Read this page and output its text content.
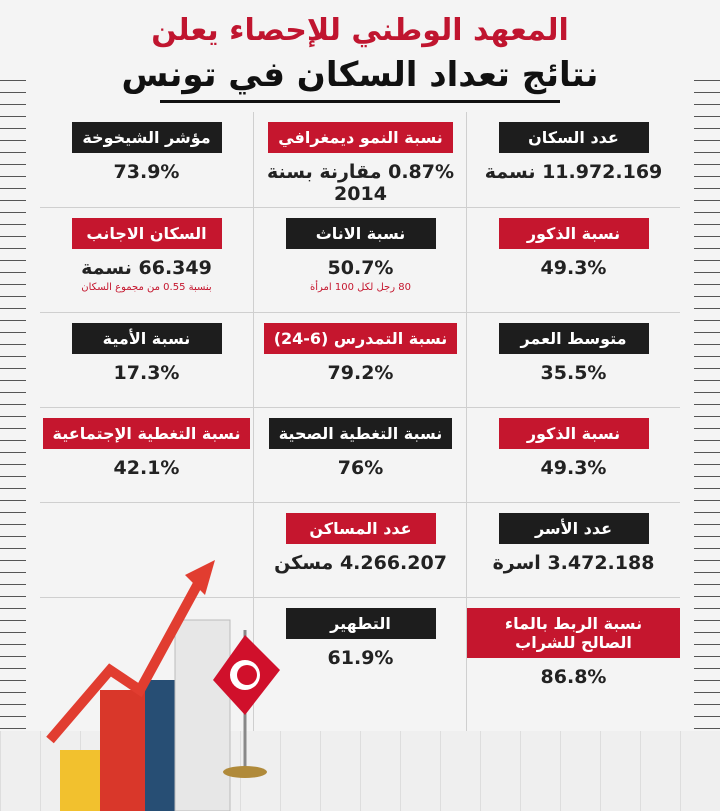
المعهد الوطني للإحصاء يعلن
نتائج تعداد السكان في تونس
عدد السكان
11.972.169 نسمة
نسبة النمو ديمغرافي
0.87% مقارنة بسنة 2014
مؤشر الشيخوخة
73.9%
نسبة الذكور
49.3%
نسبة الاناث
50.7%
80 رجل لكل 100 امرأة
السكان الاجانب
66.349 نسمة
بنسبة 0.55 من مجموع السكان
متوسط العمر
35.5%
نسبة التمدرس (6-24)
79.2%
نسبة الأمية
17.3%
نسبة الذكور
49.3%
نسبة التغطية الصحية
76%
نسبة التغطية الإجتماعية
42.1%
عدد الأسر
3.472.188 اسرة
عدد المساكن
4.266.207 مسكن
نسبة الربط بالماء الصالح للشراب
86.8%
التطهير
61.9%
